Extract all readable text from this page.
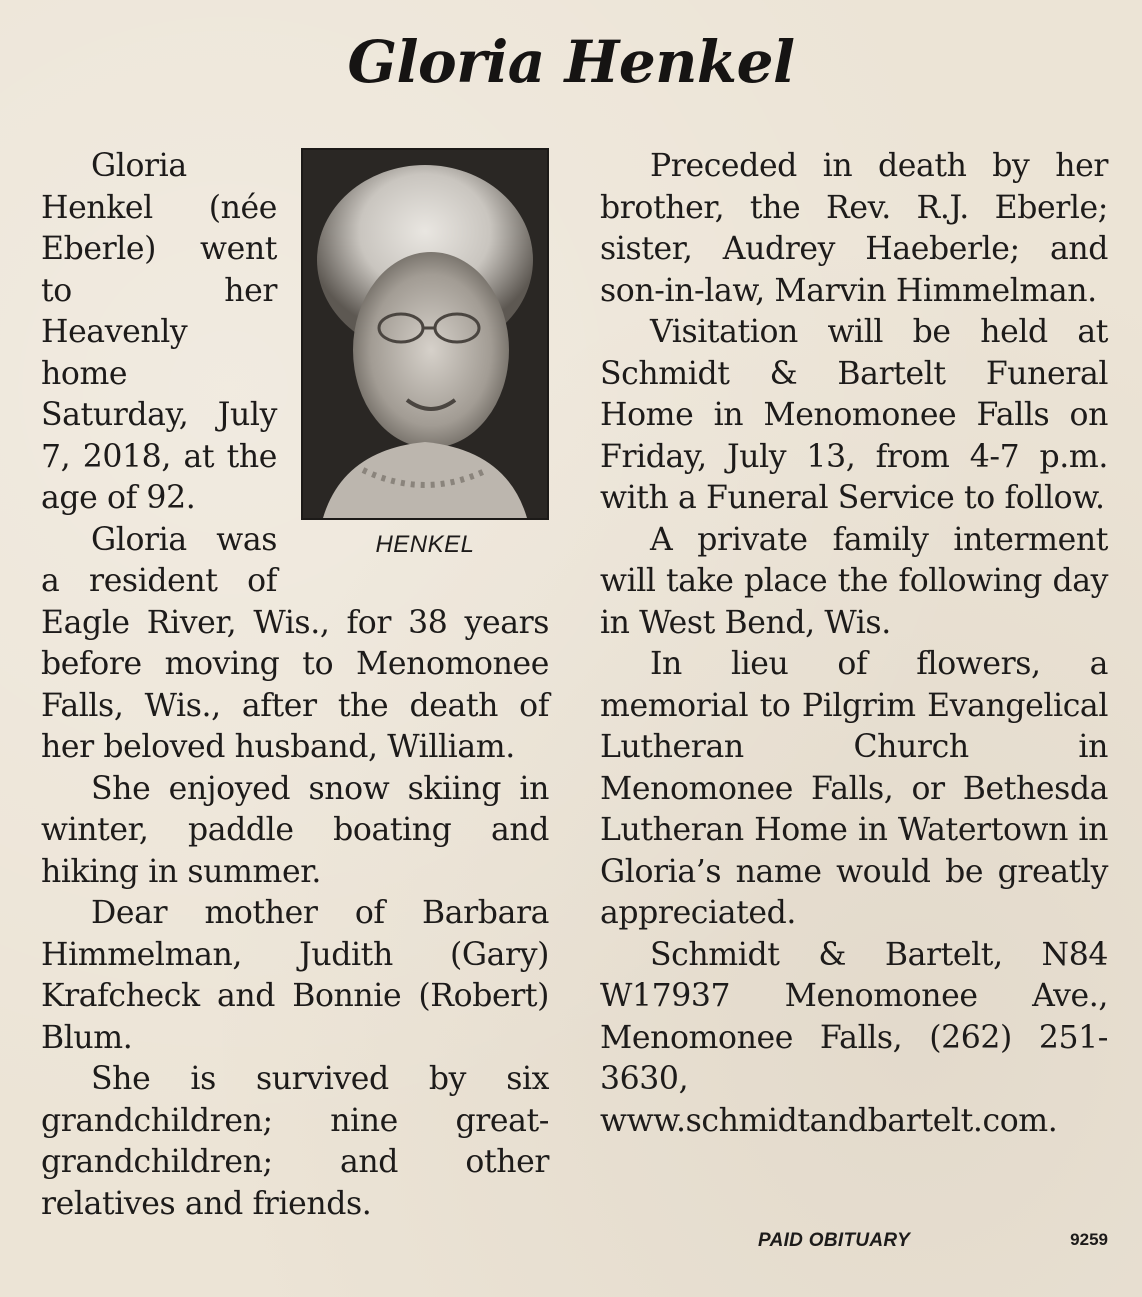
Gloria Henkel
HENKEL

Gloria Henkel (née Eberle) went to her Heavenly home Saturday, July 7, 2018, at the age of 92.

Gloria was a resident of Eagle River, Wis., for 38 years before moving to Menomonee Falls, Wis., after the death of her beloved husband, William.

She enjoyed snow skiing in winter, paddle boating and hiking in summer.

Dear mother of Barbara Himmelman, Judith (Gary) Krafcheck and Bonnie (Robert) Blum.

She is survived by six grandchildren; nine great-grandchildren; and other relatives and friends.

Preceded in death by her brother, the Rev. R.J. Eberle; sister, Audrey Haeberle; and son-in-law, Marvin Himmelman.

Visitation will be held at Schmidt & Bartelt Funeral Home in Menomonee Falls on Friday, July 13, from 4-7 p.m. with a Funeral Service to follow.

A private family interment will take place the following day in West Bend, Wis.

In lieu of flowers, a memorial to Pilgrim Evangelical Lutheran Church in Menomonee Falls, or Bethesda Lutheran Home in Watertown in Gloria’s name would be greatly appreciated.

Schmidt & Bartelt, N84 W17937 Menomonee Ave., Menomonee Falls, (262) 251-3630, www.schmidtandbartelt.com.

PAID OBITUARY	9259
